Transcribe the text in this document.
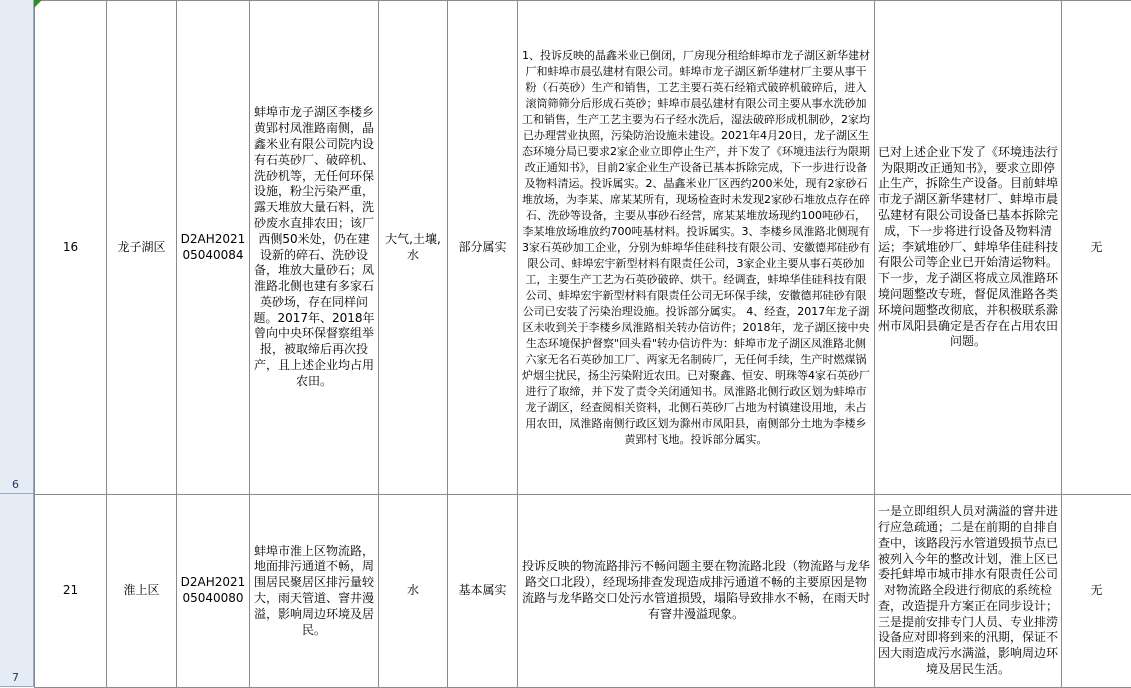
6
7
16	龙子湖区	D2AH202105040084	蚌埠市龙子湖区李楼乡黄郢村凤淮路南侧，晶鑫米业有限公司院内设有石英砂厂、破碎机、洗砂机等，无任何环保设施，粉尘污染严重，露天堆放大量石料，洗砂废水直排农田；该厂西侧50米处，仍在建设新的碎石、洗砂设备，堆放大量砂石；凤淮路北侧也建有多家石英砂场，存在同样问题。2017年、2018年曾向中央环保督察组举报，被取缔后再次投产，且上述企业均占用农田。	大气,土壤,水	部分属实	1、投诉反映的晶鑫米业已倒闭，厂房现分租给蚌埠市龙子湖区新华建材厂和蚌埠市晨弘建材有限公司。蚌埠市龙子湖区新华建材厂主要从事干粉（石英砂）生产和销售，工艺主要石英石经箱式破碎机破碎后，进入滚筒筛筛分后形成石英砂；蚌埠市晨弘建材有限公司主要从事水洗砂加工和销售，生产工艺主要为石子经水洗后，湿法破碎形成机制砂，2家均已办理营业执照，污染防治设施未建设。2021年4月20日，龙子湖区生态环境分局已要求2家企业立即停止生产，并下发了《环境违法行为限期改正通知书》，目前2家企业生产设备已基本拆除完成，下一步进行设备及物料清运。投诉属实。2、晶鑫米业厂区西约200米处，现有2家砂石堆放场，为李某、席某某所有，现场检查时未发现2家砂石堆放点存在碎石、洗砂等设备，主要从事砂石经营，席某某堆放场现约100吨砂石，李某堆放场堆放约700吨基材料。投诉属实。3、李楼乡凤淮路北侧现有3家石英砂加工企业，分别为蚌埠华佳硅科技有限公司、安徽德邦硅砂有限公司、蚌埠宏宇新型材料有限责任公司，3家企业主要从事石英砂加工，主要生产工艺为石英砂破碎、烘干。经调查，蚌埠华佳硅科技有限公司、蚌埠宏宇新型材料有限责任公司无环保手续，安徽德邦硅砂有限公司已安装了污染治理设施。投诉部分属实。 4、经查，2017年龙子湖区未收到关于李楼乡凤淮路相关转办信访件；2018年，龙子湖区接中央生态环境保护督察"回头看"转办信访件为：蚌埠市龙子湖区凤淮路北侧六家无名石英砂加工厂、两家无名制砖厂，无任何手续，生产时燃煤锅炉烟尘扰民，扬尘污染附近农田。已对聚鑫、恒安、明珠等4家石英砂厂进行了取缔，并下发了责令关闭通知书。凤淮路北侧行政区划为蚌埠市龙子湖区，经查阅相关资料，北侧石英砂厂占地为村镇建设用地，未占用农田，凤淮路南侧行政区划为滁州市凤阳县，南侧部分土地为李楼乡黄郢村飞地。投诉部分属实。	已对上述企业下发了《环境违法行为限期改正通知书》，要求立即停止生产，拆除生产设备。目前蚌埠市龙子湖区新华建材厂、蚌埠市晨弘建材有限公司设备已基本拆除完成，下一步将进行设备及物料清运；李斌堆砂厂、蚌埠华佳硅科技有限公司等企业已开始清运物料。下一步，龙子湖区将成立凤淮路环境问题整改专班，督促凤淮路各类环境问题整改彻底，并积极联系滁州市凤阳县确定是否存在占用农田问题。	无
21	淮上区	D2AH202105040080	蚌埠市淮上区物流路，地面排污通道不畅，周围居民聚居区排污量较大，雨天管道、窨井漫溢，影响周边环境及居民。	水	基本属实	投诉反映的物流路排污不畅问题主要在物流路北段（物流路与龙华路交口北段），经现场排查发现造成排污通道不畅的主要原因是物流路与龙华路交口处污水管道损毁，塌陷导致排水不畅，在雨天时有窨井漫溢现象。	一是立即组织人员对满溢的窨井进行应急疏通；二是在前期的自排自查中，该路段污水管道毁损节点已被列入今年的整改计划，淮上区已委托蚌埠市城市排水有限责任公司对物流路全段进行彻底的系统检查，改造提升方案正在同步设计；三是提前安排专门人员、专业排涝设备应对即将到来的汛期，保证不因大雨造成污水满溢，影响周边环境及居民生活。	无
